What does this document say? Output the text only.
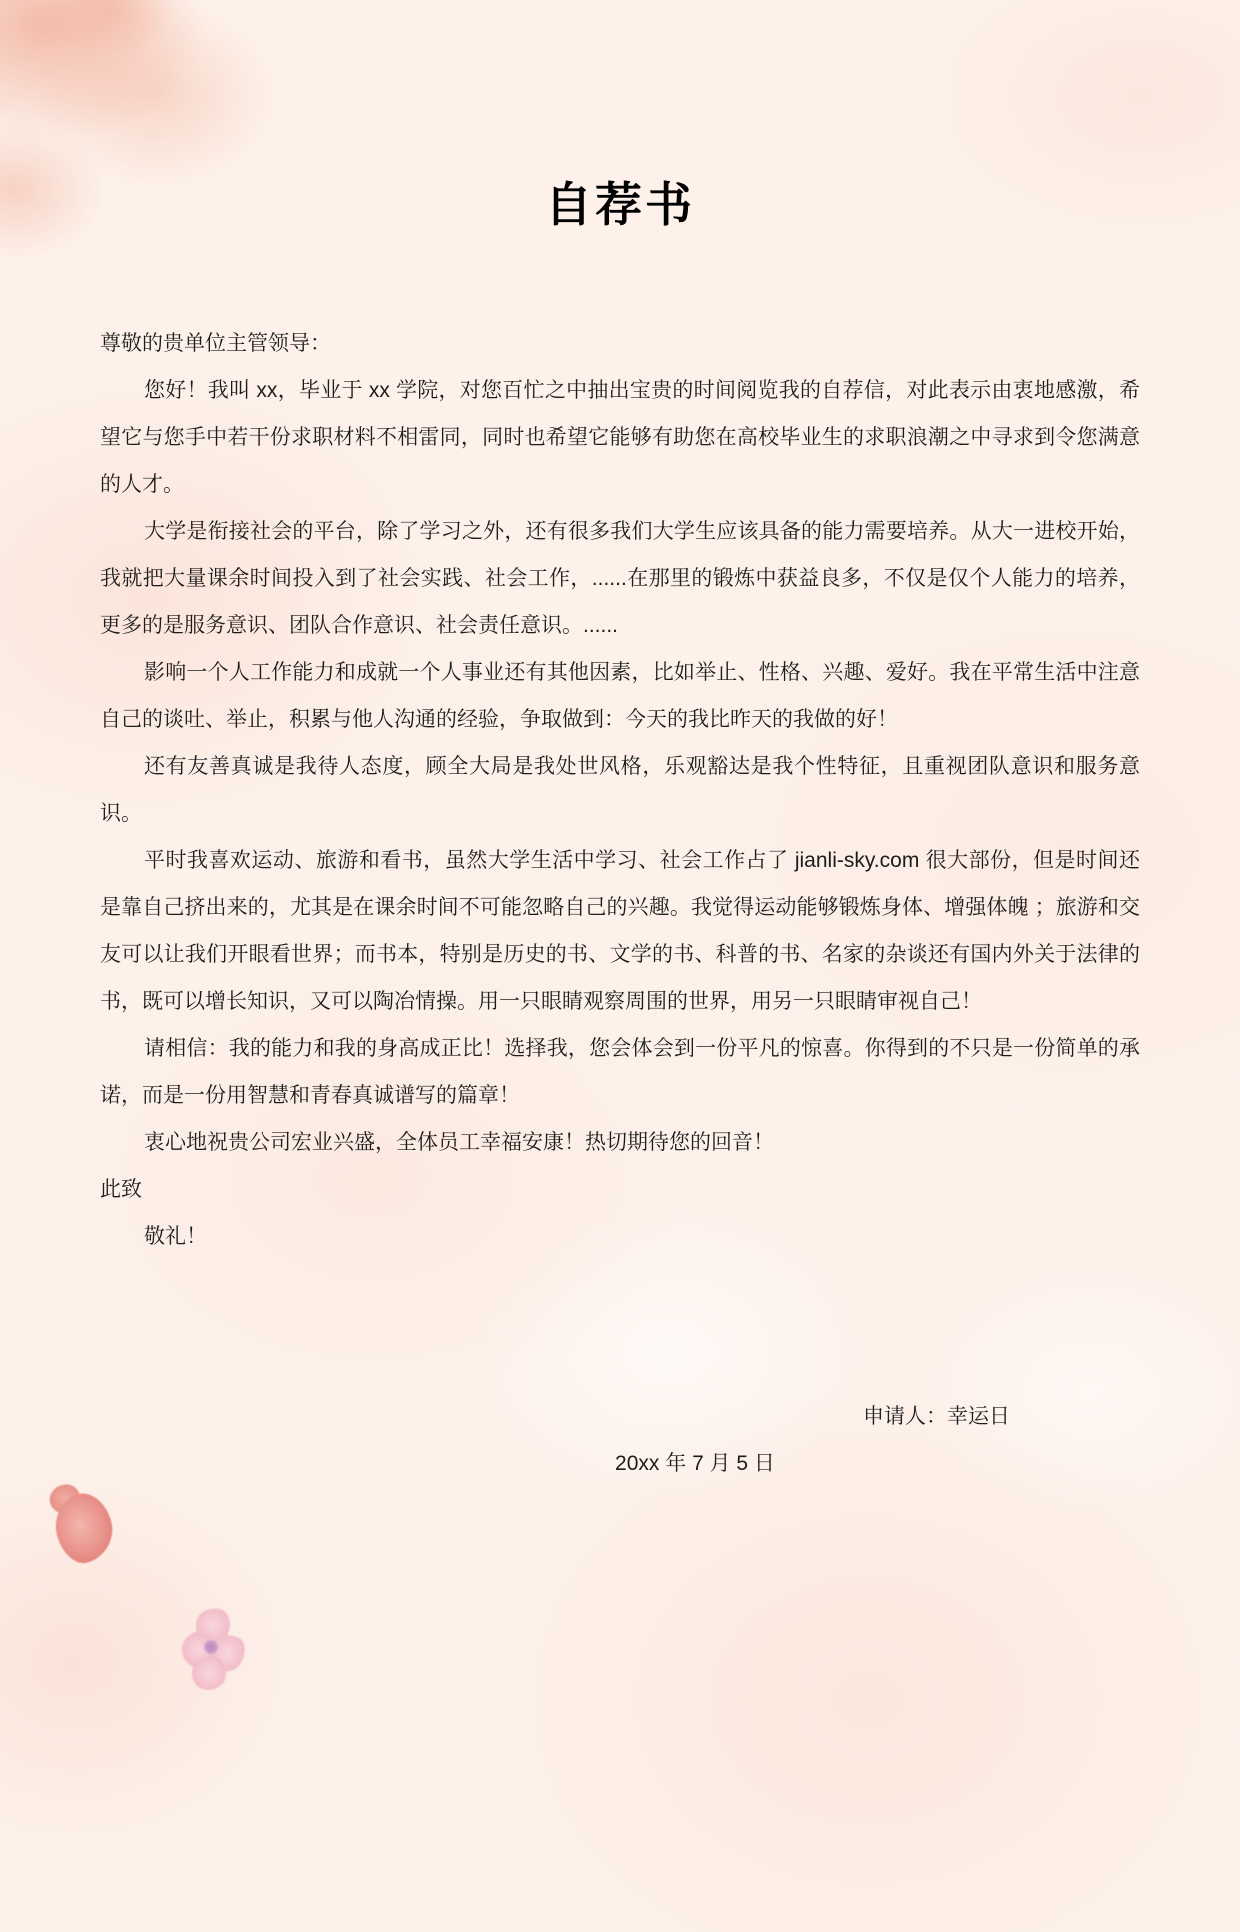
自荐书

尊敬的贵单位主管领导：

您好！我叫 xx，毕业于 xx 学院，对您百忙之中抽出宝贵的时间阅览我的自荐信，对此表示由衷地感激，希望它与您手中若干份求职材料不相雷同，同时也希望它能够有助您在高校毕业生的求职浪潮之中寻求到令您满意的人才。

大学是衔接社会的平台，除了学习之外，还有很多我们大学生应该具备的能力需要培养。从大一进校开始，我就把大量课余时间投入到了社会实践、社会工作，......在那里的锻炼中获益良多，不仅是仅个人能力的培养，更多的是服务意识、团队合作意识、社会责任意识。......

影响一个人工作能力和成就一个人事业还有其他因素，比如举止、性格、兴趣、爱好。我在平常生活中注意自己的谈吐、举止，积累与他人沟通的经验，争取做到：今天的我比昨天的我做的好！

还有友善真诚是我待人态度，顾全大局是我处世风格，乐观豁达是我个性特征，且重视团队意识和服务意识。

平时我喜欢运动、旅游和看书，虽然大学生活中学习、社会工作占了 jianli-sky.com 很大部份，但是时间还是靠自己挤出来的，尤其是在课余时间不可能忽略自己的兴趣。我觉得运动能够锻炼身体、增强体魄 ；旅游和交友可以让我们开眼看世界；而书本，特别是历史的书、文学的书、科普的书、名家的杂谈还有国内外关于法律的书，既可以增长知识，又可以陶冶情操。用一只眼睛观察周围的世界，用另一只眼睛审视自己！

请相信：我的能力和我的身高成正比！选择我，您会体会到一份平凡的惊喜。你得到的不只是一份简单的承诺，而是一份用智慧和青春真诚谱写的篇章！

衷心地祝贵公司宏业兴盛，全体员工幸福安康！热切期待您的回音！

此致

敬礼！

申请人：幸运日

20xx 年 7 月 5 日
